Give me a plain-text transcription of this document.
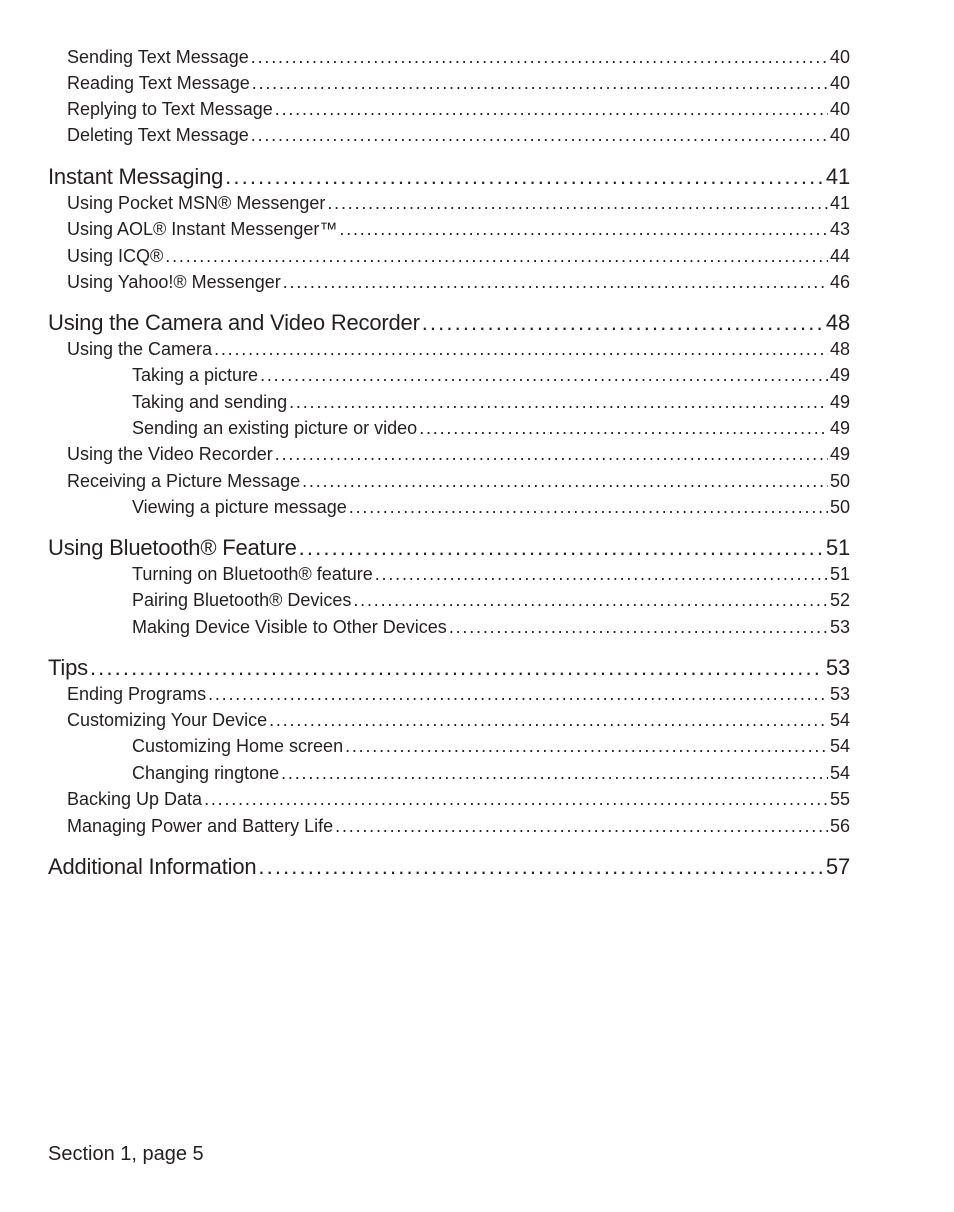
Sending Text Message . . .	40
Reading Text Message . . .	40
Replying to Text Message . . .	40
Deleting Text Message . . .	40
Instant Messaging . . .	41
Using Pocket MSN® Messenger . . .	41
Using AOL® Instant Messenger™ . . .	43
Using ICQ® . . .	44
Using Yahoo!® Messenger . . .	46
Using the Camera and Video Recorder . . .	48
Using the Camera . . .	48
Taking a picture . . .	49
Taking and sending . . .	49
Sending an existing picture or video . . .	49
Using the Video Recorder . . .	49
Receiving a Picture Message . . .	50
Viewing a picture message . . .	50
Using Bluetooth® Feature . . .	51
Turning on Bluetooth® feature . . .	51
Pairing Bluetooth® Devices . . .	52
Making Device Visible to Other Devices . . .	53
Tips . . .	53
Ending Programs . . .	53
Customizing Your Device . . .	54
Customizing Home screen . . .	54
Changing ringtone . . .	54
Backing Up Data . . .	55
Managing Power and Battery Life . . .	56
Additional Information . . .	57
Section 1, page 5
